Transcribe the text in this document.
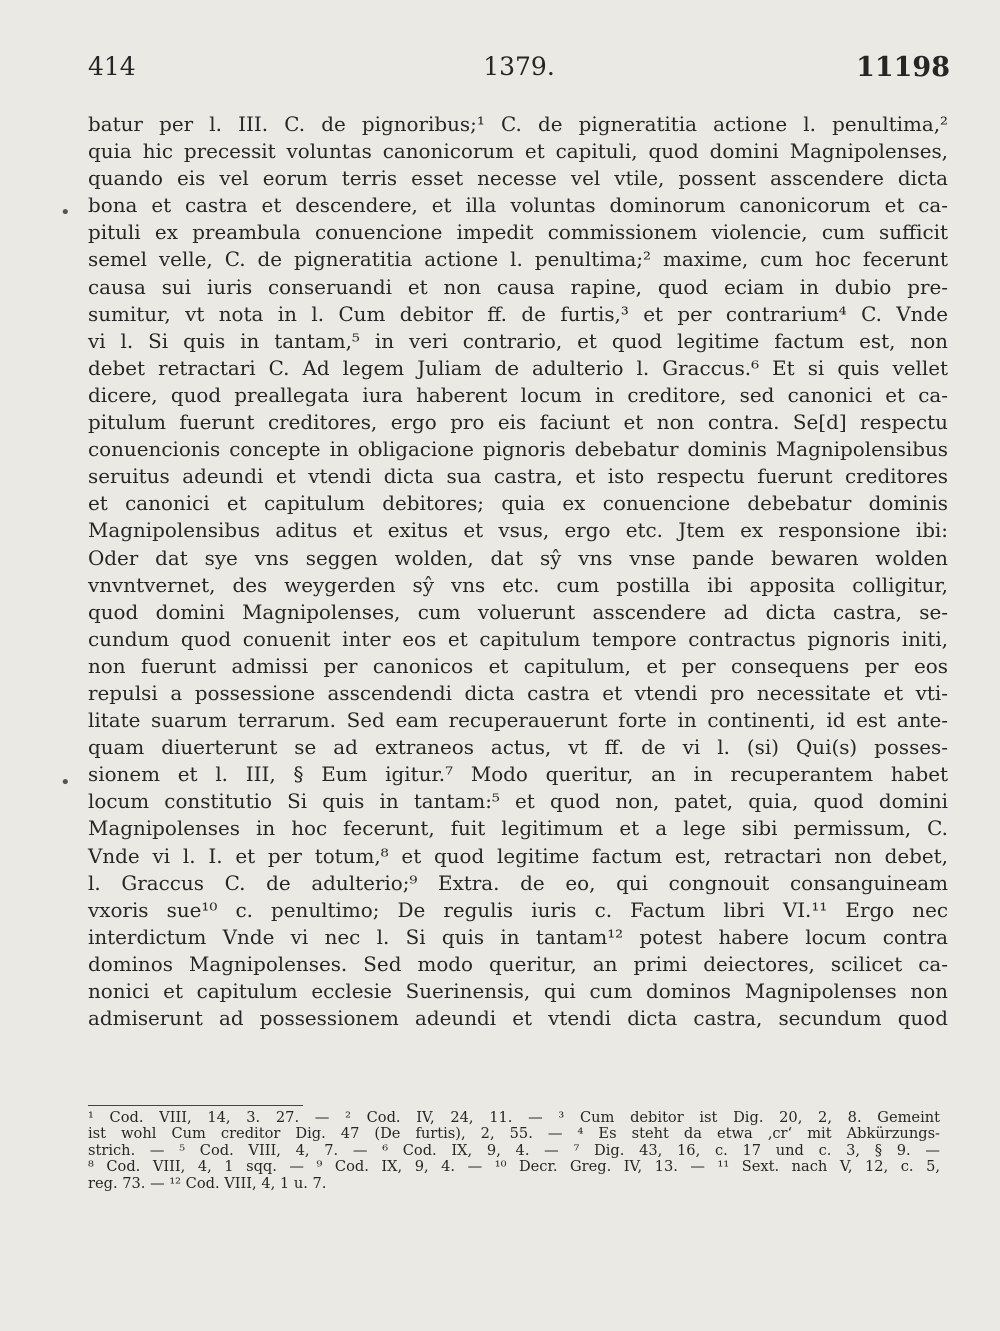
414	1379.	11198
•
•
batur per l. III. C. de pignoribus;¹ C. de pigneratitia actione l. penultima,²
quia hic precessit voluntas canonicorum et capituli, quod domini Magnipolenses,
quando eis vel eorum terris esset necesse vel vtile, possent asscendere dicta
bona et castra et descendere, et illa voluntas dominorum canonicorum et ca-
pituli ex preambula conuencione impedit commissionem violencie, cum sufficit
semel velle, C. de pigneratitia actione l. penultima;² maxime, cum hoc fecerunt
causa sui iuris conseruandi et non causa rapine, quod eciam in dubio pre-
sumitur, vt nota in l. Cum debitor ff. de furtis,³ et per contrarium⁴ C. Vnde
vi l. Si quis in tantam,⁵ in veri contrario, et quod legitime factum est, non
debet retractari C. Ad legem Juliam de adulterio l. Graccus.⁶ Et si quis vellet
dicere, quod preallegata iura haberent locum in creditore, sed canonici et ca-
pitulum fuerunt creditores, ergo pro eis faciunt et non contra. Se[d] respectu
conuencionis concepte in obligacione pignoris debebatur dominis Magnipolensibus
seruitus adeundi et vtendi dicta sua castra, et isto respectu fuerunt creditores
et canonici et capitulum debitores; quia ex conuencione debebatur dominis
Magnipolensibus aditus et exitus et vsus, ergo etc. Jtem ex responsione ibi:
Oder dat sye vns seggen wolden, dat sŷ vns vnse pande bewaren wolden
vnvntvernet, des weygerden sŷ vns etc. cum postilla ibi apposita colligitur,
quod domini Magnipolenses, cum voluerunt asscendere ad dicta castra, se-
cundum quod conuenit inter eos et capitulum tempore contractus pignoris initi,
non fuerunt admissi per canonicos et capitulum, et per consequens per eos
repulsi a possessione asscendendi dicta castra et vtendi pro necessitate et vti-
litate suarum terrarum. Sed eam recuperauerunt forte in continenti, id est ante-
quam diuerterunt se ad extraneos actus, vt ff. de vi l. (si) Qui(s) posses-
sionem et l. III, § Eum igitur.⁷ Modo queritur, an in recuperantem habet
locum constitutio Si quis in tantam:⁵ et quod non, patet, quia, quod domini
Magnipolenses in hoc fecerunt, fuit legitimum et a lege sibi permissum, C.
Vnde vi l. I. et per totum,⁸ et quod legitime factum est, retractari non debet,
l. Graccus C. de adulterio;⁹ Extra. de eo, qui congnouit consanguineam
vxoris sue¹⁰ c. penultimo; De regulis iuris c. Factum libri VI.¹¹ Ergo nec
interdictum Vnde vi nec l. Si quis in tantam¹² potest habere locum contra
dominos Magnipolenses. Sed modo queritur, an primi deiectores, scilicet ca-
nonici et capitulum ecclesie Suerinensis, qui cum dominos Magnipolenses non
admiserunt ad possessionem adeundi et vtendi dicta castra, secundum quod
¹ Cod. VIII, 14, 3. 27. — ² Cod. IV, 24, 11. — ³ Cum debitor ist Dig. 20, 2, 8. Gemeint
ist wohl Cum creditor Dig. 47 (De furtis), 2, 55. — ⁴ Es steht da etwa ‚cr‘ mit Abkürzungs-
strich. — ⁵ Cod. VIII, 4, 7. — ⁶ Cod. IX, 9, 4. — ⁷ Dig. 43, 16, c. 17 und c. 3, § 9. —
⁸ Cod. VIII, 4, 1 sqq. — ⁹ Cod. IX, 9, 4. — ¹⁰ Decr. Greg. IV, 13. — ¹¹ Sext. nach V, 12, c. 5,
reg. 73. — ¹² Cod. VIII, 4, 1 u. 7.
